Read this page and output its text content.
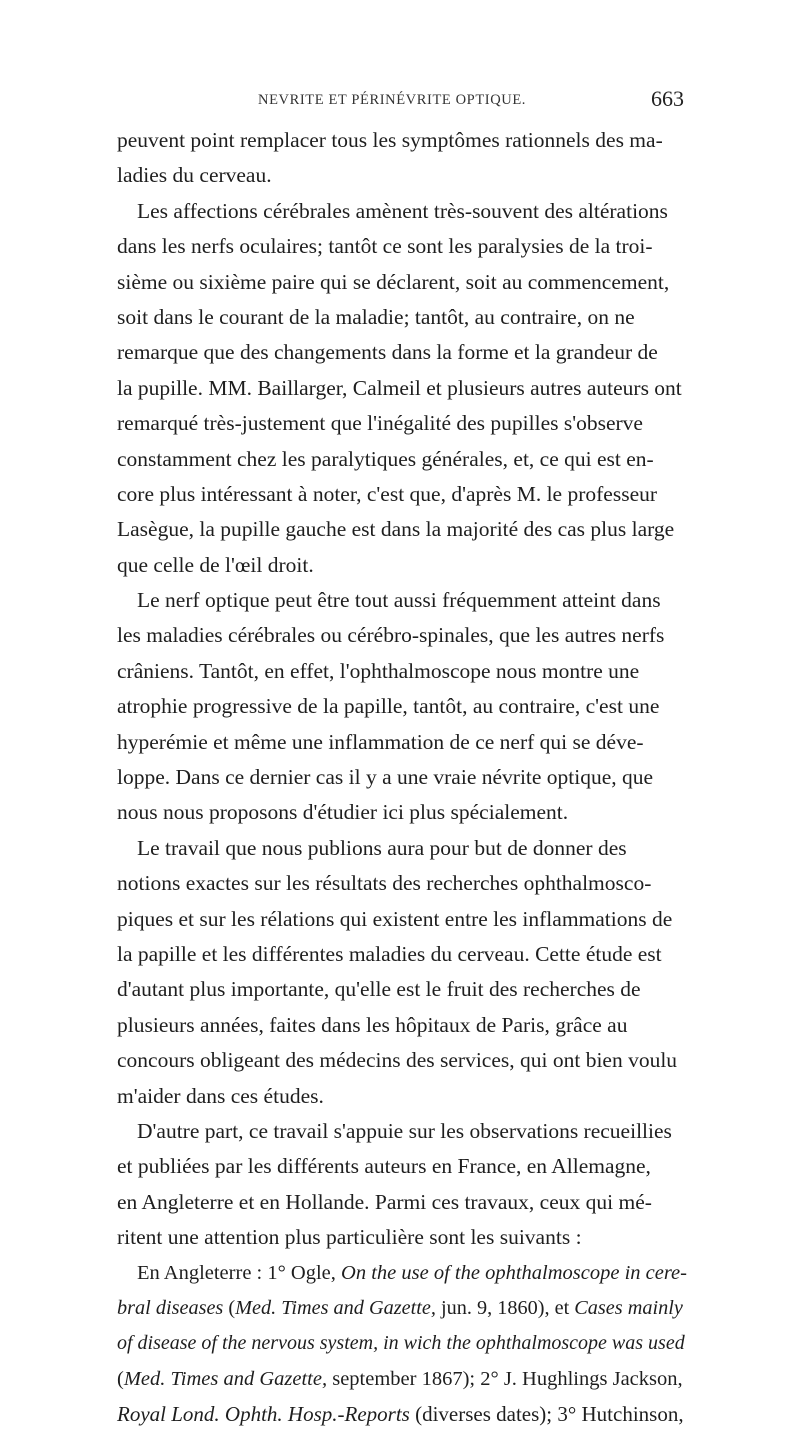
NEVRITE ET PÉRINÉVRITE OPTIQUE.	663
peuvent point remplacer tous les symptômes rationnels des ma-
ladies du cerveau.
Les affections cérébrales amènent très-souvent des altérations
dans les nerfs oculaires; tantôt ce sont les paralysies de la troi-
sième ou sixième paire qui se déclarent, soit au commencement,
soit dans le courant de la maladie; tantôt, au contraire, on ne
remarque que des changements dans la forme et la grandeur de
la pupille. MM. Baillarger, Calmeil et plusieurs autres auteurs ont
remarqué très-justement que l'inégalité des pupilles s'observe
constamment chez les paralytiques générales, et, ce qui est en-
core plus intéressant à noter, c'est que, d'après M. le professeur
Lasègue, la pupille gauche est dans la majorité des cas plus large
que celle de l'œil droit.
Le nerf optique peut être tout aussi fréquemment atteint dans
les maladies cérébrales ou cérébro-spinales, que les autres nerfs
crâniens. Tantôt, en effet, l'ophthalmoscope nous montre une
atrophie progressive de la papille, tantôt, au contraire, c'est une
hyperémie et même une inflammation de ce nerf qui se déve-
loppe. Dans ce dernier cas il y a une vraie névrite optique, que
nous nous proposons d'étudier ici plus spécialement.
Le travail que nous publions aura pour but de donner des
notions exactes sur les résultats des recherches ophthalmosco-
piques et sur les rélations qui existent entre les inflammations de
la papille et les différentes maladies du cerveau. Cette étude est
d'autant plus importante, qu'elle est le fruit des recherches de
plusieurs années, faites dans les hôpitaux de Paris, grâce au
concours obligeant des médecins des services, qui ont bien voulu
m'aider dans ces études.
D'autre part, ce travail s'appuie sur les observations recueillies
et publiées par les différents auteurs en France, en Allemagne,
en Angleterre et en Hollande. Parmi ces travaux, ceux qui mé-
ritent une attention plus particulière sont les suivants :
En Angleterre : 1° Ogle, On the use of the ophthalmoscope in cere-
bral diseases (Med. Times and Gazette, jun. 9, 1860), et Cases mainly
of disease of the nervous system, in wich the ophthalmoscope was used
(Med. Times and Gazette, september 1867); 2° J. Hughlings Jackson,
Royal Lond. Ophth. Hosp.-Reports (diverses dates); 3° Hutchinson,
